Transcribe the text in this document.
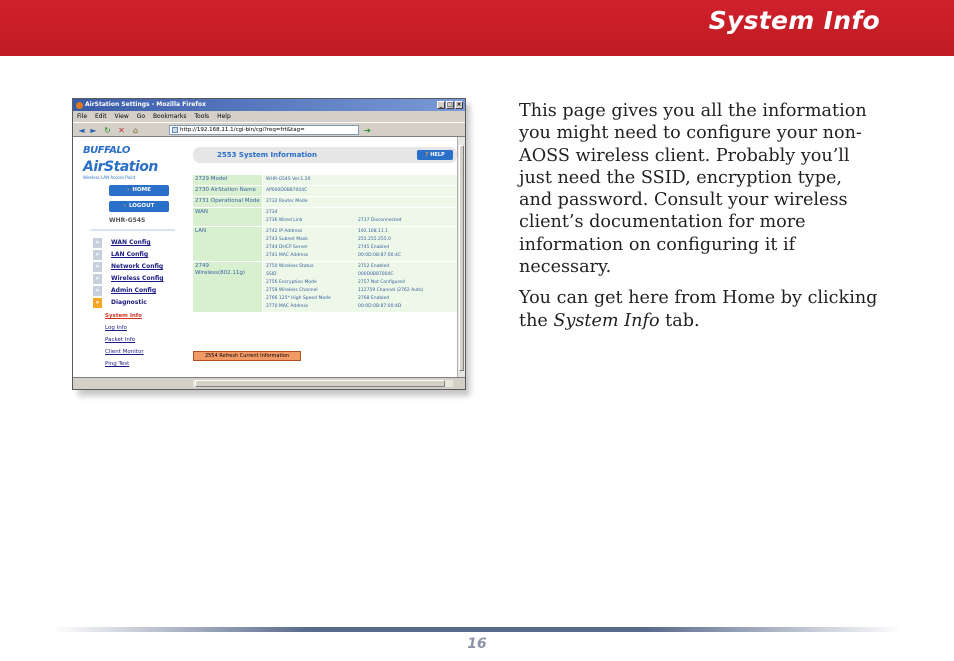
System Info
AirStation Settings - Mozilla Firefox	_ □ ×
File Edit View Go Bookmarks Tools Help
◄ ► ↻ ✕ ⌂	http://192.168.11.1/cgi-bin/cgi?req=frt&tag=	➔
BUFFALO
AirStation
Wireless LAN Access Point
› HOME
› LOGOUT
WHR-G54S
»	WAN Config
»	LAN Config
»	Network Config
»	Wireless Config
»	Admin Config
»	Diagnostic
System Info
Log Info
Packet Info
Client Monitor
Ping Test
2553 System Information	? HELP
2729 Model	WHR-G54S Ver.1.20
2730 AirStation Name	AP000D0B87004C
2731 Operational Mode	2732 Router Mode
WAN	2734
2736 Wired Link	2737 Disconnected
LAN	2742 IP Address	192.168.11.1
2743 Subnet Mask	255.255.255.0
2744 DHCP Server	2745 Enabled
2741 MAC Address	00:0D:0B:87:00:4C
2749 Wireless(802.11g)
2750 Wireless Status	2752 Enabled
SSID	000D0B87004C
2756 Encryption Mode	2757 Not Configured
2758 Wireless Channel	112759 Channel (2762 Auto)
2766 125* High Speed Mode	2768 Enabled
2770 MAC Address	00:0D:0B:87:00:4D
2554 Refresh Current Information

This page gives you all the information you might need to configure your non-AOSS wireless client. Probably you’ll just need the SSID, encryption type, and password. Consult your wireless client’s documentation for more information on configuring it if necessary.

You can get here from Home by clicking the System Info tab.

16
